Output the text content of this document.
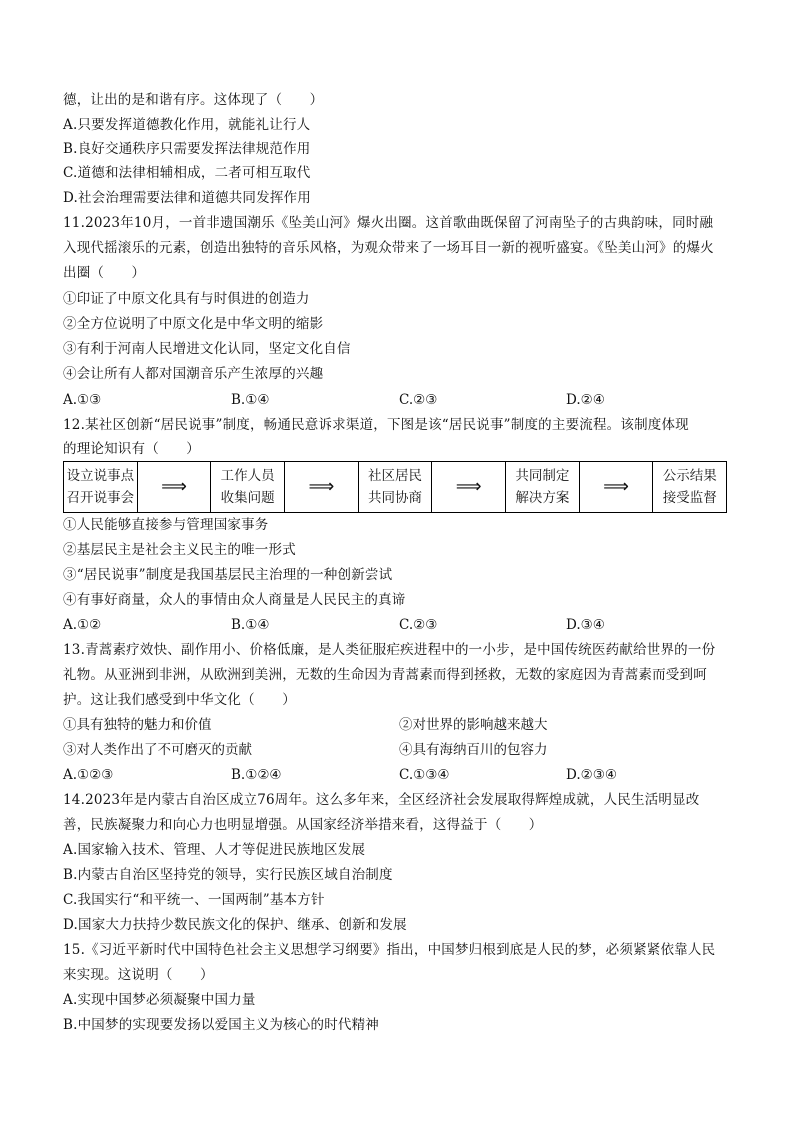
德，让出的是和谐有序。这体现了（　　）
A.只要发挥道德教化作用，就能礼让行人
B.良好交通秩序只需要发挥法律规范作用
C.道德和法律相辅相成，二者可相互取代
D.社会治理需要法律和道德共同发挥作用
11.2023年10月，一首非遗国潮乐《坠美山河》爆火出圈。这首歌曲既保留了河南坠子的古典韵味，同时融
入现代摇滚乐的元素，创造出独特的音乐风格，为观众带来了一场耳目一新的视听盛宴。《坠美山河》的爆火
出圈（　　）
①印证了中原文化具有与时俱进的创造力
②全方位说明了中原文化是中华文明的缩影
③有利于河南人民增进文化认同，坚定文化自信
④会让所有人都对国潮音乐产生浓厚的兴趣
A.①③	B.①④	C.②③	D.②④
12.某社区创新“居民说事”制度，畅通民意诉求渠道，下图是该“居民说事”制度的主要流程。该制度体现
的理论知识有（　　）
设立说事点
召开说事会
⟹	工作人员
收集问题
⟹	社区居民
共同协商
⟹	共同制定
解决方案
⟹	公示结果
接受监督
①人民能够直接参与管理国家事务
②基层民主是社会主义民主的唯一形式
③“居民说事”制度是我国基层民主治理的一种创新尝试
④有事好商量，众人的事情由众人商量是人民民主的真谛
A.①②	B.①④	C.②③	D.③④
13.青蒿素疗效快、副作用小、价格低廉，是人类征服疟疾进程中的一小步，是中国传统医药献给世界的一份
礼物。从亚洲到非洲，从欧洲到美洲，无数的生命因为青蒿素而得到拯救，无数的家庭因为青蒿素而受到呵
护。这让我们感受到中华文化（　　）
①具有独特的魅力和价值	②对世界的影响越来越大
③对人类作出了不可磨灭的贡献	④具有海纳百川的包容力
A.①②③	B.①②④	C.①③④	D.②③④
14.2023年是内蒙古自治区成立76周年。这么多年来，全区经济社会发展取得辉煌成就，人民生活明显改
善，民族凝聚力和向心力也明显增强。从国家经济举措来看，这得益于（　　）
A.国家输入技术、管理、人才等促进民族地区发展
B.内蒙古自治区坚持党的领导，实行民族区域自治制度
C.我国实行“和平统一、一国两制”基本方针
D.国家大力扶持少数民族文化的保护、继承、创新和发展
15.《习近平新时代中国特色社会主义思想学习纲要》指出，中国梦归根到底是人民的梦，必须紧紧依靠人民
来实现。这说明（　　）
A.实现中国梦必须凝聚中国力量
B.中国梦的实现要发扬以爱国主义为核心的时代精神
